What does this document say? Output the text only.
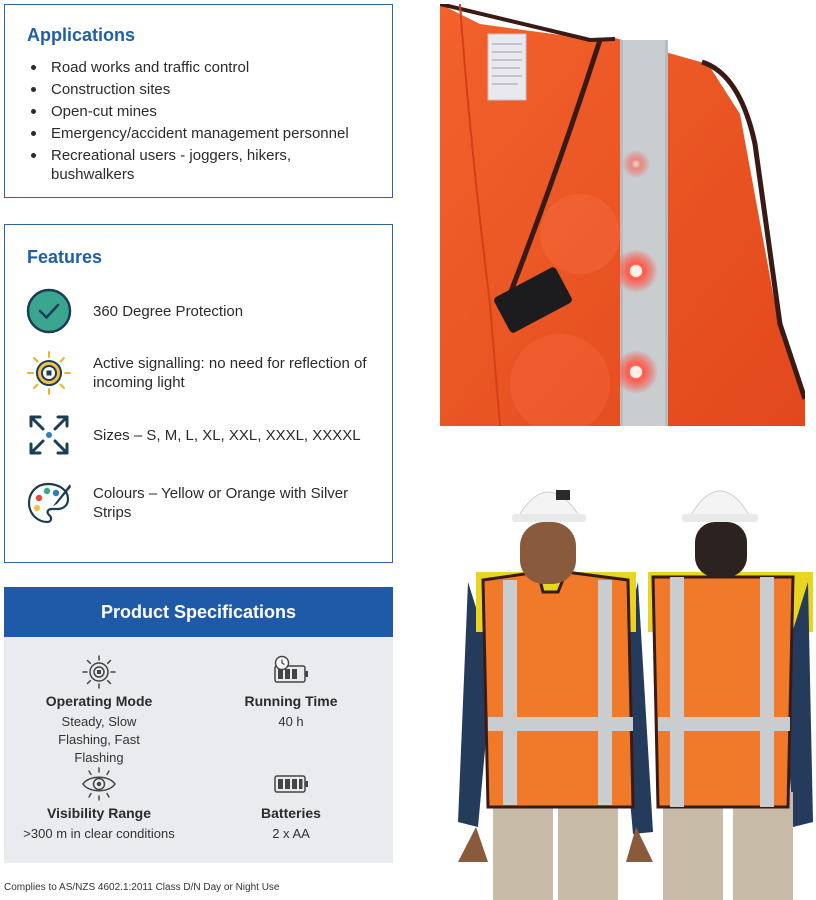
Applications
Road works and traffic control
Construction sites
Open-cut mines
Emergency/accident management personnel
Recreational users - joggers, hikers, bushwalkers
Features
360 Degree Protection
Active signalling: no need for reflection of incoming light
Sizes – S, M, L, XL, XXL, XXXL, XXXXL
Colours – Yellow or Orange with Silver Strips
Product Specifications
Operating Mode
Steady, Slow Flashing, Fast Flashing
Running Time
40 h
Visibility Range
>300 m in clear conditions
Batteries
2 x AA
Complies to AS/NZS 4602.1:2011 Class D/N Day or Night Use
